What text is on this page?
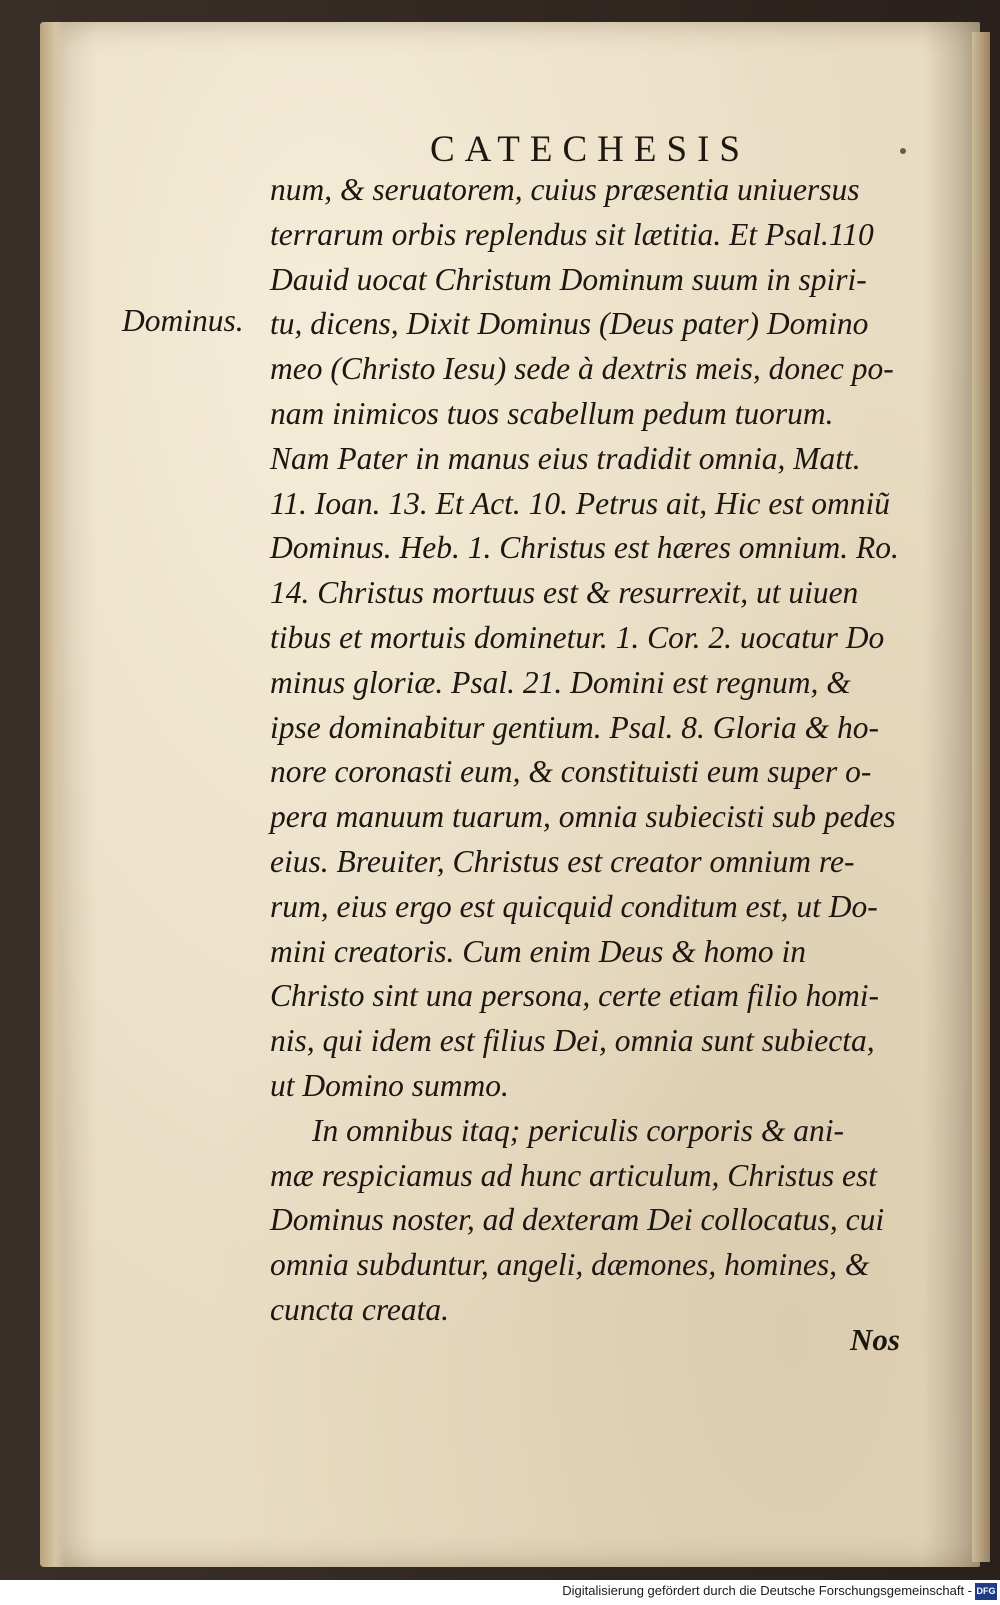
CATECHESIS
Dominus.
num, & seruatorem, cuius præsentia uniuersus
terrarum orbis replendus sit lætitia. Et Psal.110
Dauid uocat Christum Dominum suum in spiri-
tu, dicens, Dixit Dominus (Deus pater) Domino
meo (Christo Iesu) sede à dextris meis, donec po-
nam inimicos tuos scabellum pedum tuorum.
Nam Pater in manus eius tradidit omnia, Matt.
11. Ioan. 13. Et Act. 10. Petrus ait, Hic est omniũ
Dominus. Heb. 1. Christus est hæres omnium. Ro.
14. Christus mortuus est & resurrexit, ut uiuen
tibus et mortuis dominetur. 1. Cor. 2. uocatur Do
minus gloriæ. Psal. 21. Domini est regnum, &
ipse dominabitur gentium. Psal. 8. Gloria & ho-
nore coronasti eum, & constituisti eum super o-
pera manuum tuarum, omnia subiecisti sub pedes
eius. Breuiter, Christus est creator omnium re-
rum, eius ergo est quicquid conditum est, ut Do-
mini creatoris. Cum enim Deus & homo in
Christo sint una persona, certe etiam filio homi-
nis, qui idem est filius Dei, omnia sunt subiecta,
ut Domino summo.
In omnibus itaq; periculis corporis & ani-
mæ respiciamus ad hunc articulum, Christus est
Dominus noster, ad dexteram Dei collocatus, cui
omnia subduntur, angeli, dæmones, homines, &
cuncta creata.
Nos
Digitalisierung gefördert durch die Deutsche Forschungsgemeinschaft - DFG
